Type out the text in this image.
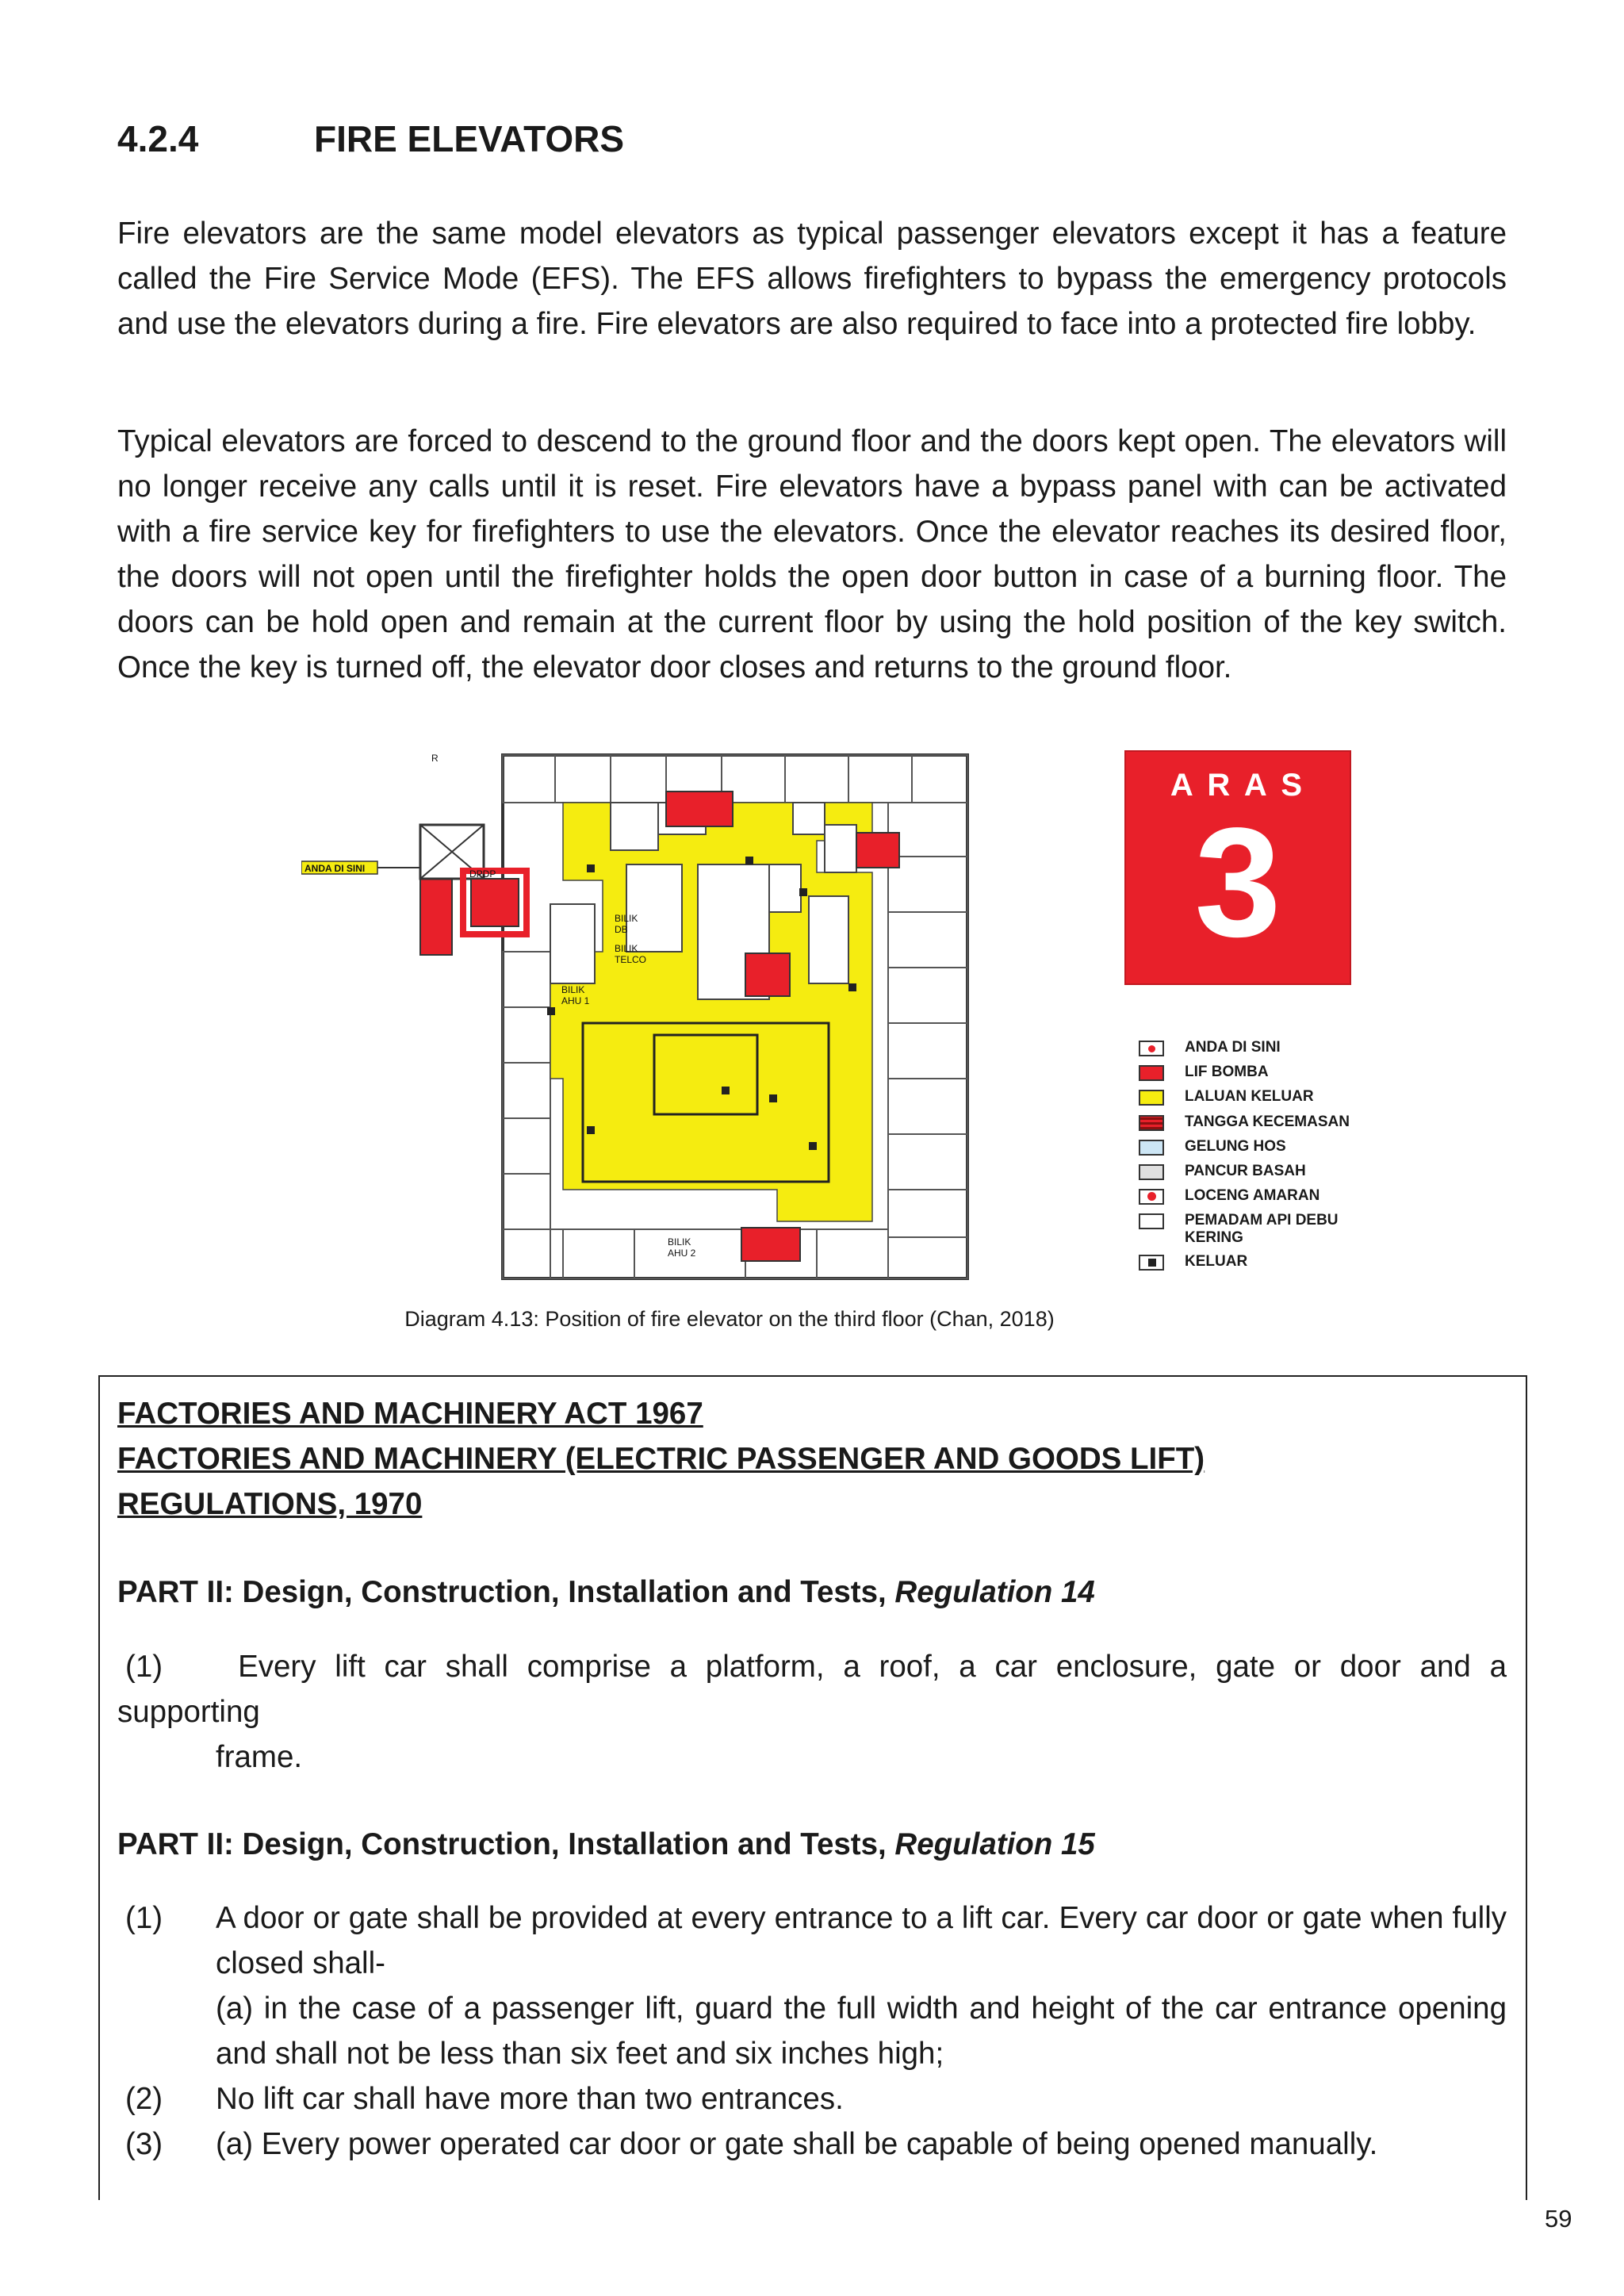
4.2.4	FIRE ELEVATORS
Fire elevators are the same model elevators as typical passenger elevators except it has a feature called the Fire Service Mode (EFS). The EFS allows firefighters to bypass the emergency protocols and use the elevators during a fire. Fire elevators are also required to face into a protected fire lobby.
Typical elevators are forced to descend to the ground floor and the doors kept open. The elevators will no longer receive any calls until it is reset. Fire elevators have a bypass panel with can be activated with a fire service key for firefighters to use the elevators. Once the elevator reaches its desired floor, the doors will not open until the firefighter holds the open door button in case of a burning floor. The doors can be hold open and remain at the current floor by using the hold position of the key switch. Once the key is turned off, the elevator door closes and returns to the ground floor.
DPDP
BILIK
DB
BILIK
TELCO
BILIK
AHU 1
BILIK
AHU 2
R
ANDA DI SINI
A R A S
3
ANDA DI SINI
LIF BOMBA
LALUAN KELUAR
TANGGA KECEMASAN
GELUNG HOS
PANCUR BASAH
LOCENG AMARAN
PEMADAM API DEBU KERING
KELUAR
Diagram 4.13: Position of fire elevator on the third floor (Chan, 2018)
FACTORIES AND MACHINERY ACT 1967
FACTORIES AND MACHINERY (ELECTRIC PASSENGER AND GOODS LIFT)
REGULATIONS, 1970
PART II: Design, Construction, Installation and Tests, Regulation 14
(1) Every lift car shall comprise a platform, a roof, a car enclosure, gate or door and a
supporting
frame.
PART II: Design, Construction, Installation and Tests, Regulation 15
(1)	A door or gate shall be provided at every entrance to a lift car. Every car door or gate when fully closed shall-
(a) in the case of a passenger lift, guard the full width and height of the car entrance opening and shall not be less than six feet and six inches high;
(2)	No lift car shall have more than two entrances.
(3)	(a) Every power operated car door or gate shall be capable of being opened manually.
59
